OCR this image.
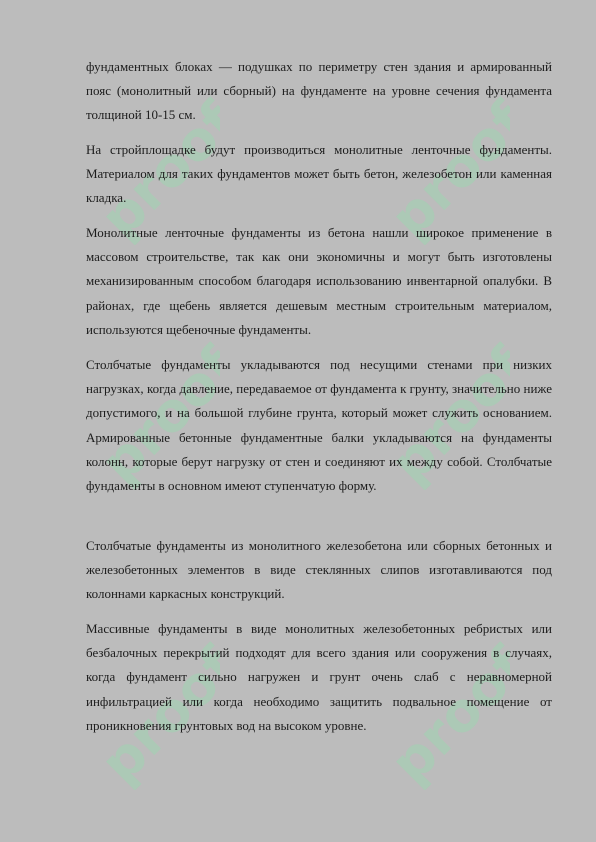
proof proof
proof proof
proof proof

фундаментных блоках — подушках по периметру стен здания и армированный пояс (монолитный или сборный) на фундаменте на уровне сечения фундамента толщиной 10-15 см.

На стройплощадке будут производиться монолитные ленточные фундаменты. Материалом для таких фундаментов может быть бетон, железобетон или каменная кладка.

Монолитные ленточные фундаменты из бетона нашли широкое применение в массовом строительстве, так как они экономичны и могут быть изготовлены механизированным способом благодаря использованию инвентарной опалубки. В районах, где щебень является дешевым местным строительным материалом, используются щебеночные фундаменты.

Столбчатые фундаменты укладываются под несущими стенами при низких нагрузках, когда давление, передаваемое от фундамента к грунту, значительно ниже допустимого, и на большой глубине грунта, который может служить основанием. Армированные бетонные фундаментные балки укладываются на фундаменты колонн, которые берут нагрузку от стен и соединяют их между собой. Столбчатые фундаменты в основном имеют ступенчатую форму.

Столбчатые фундаменты из монолитного железобетона или сборных бетонных и железобетонных элементов в виде стеклянных слипов изготавливаются под колоннами каркасных конструкций.

Массивные фундаменты в виде монолитных железобетонных ребристых или безбалочных перекрытий подходят для всего здания или сооружения в случаях, когда фундамент сильно нагружен и грунт очень слаб с неравномерной инфильтрацией или когда необходимо защитить подвальное помещение от проникновения грунтовых вод на высоком уровне.
